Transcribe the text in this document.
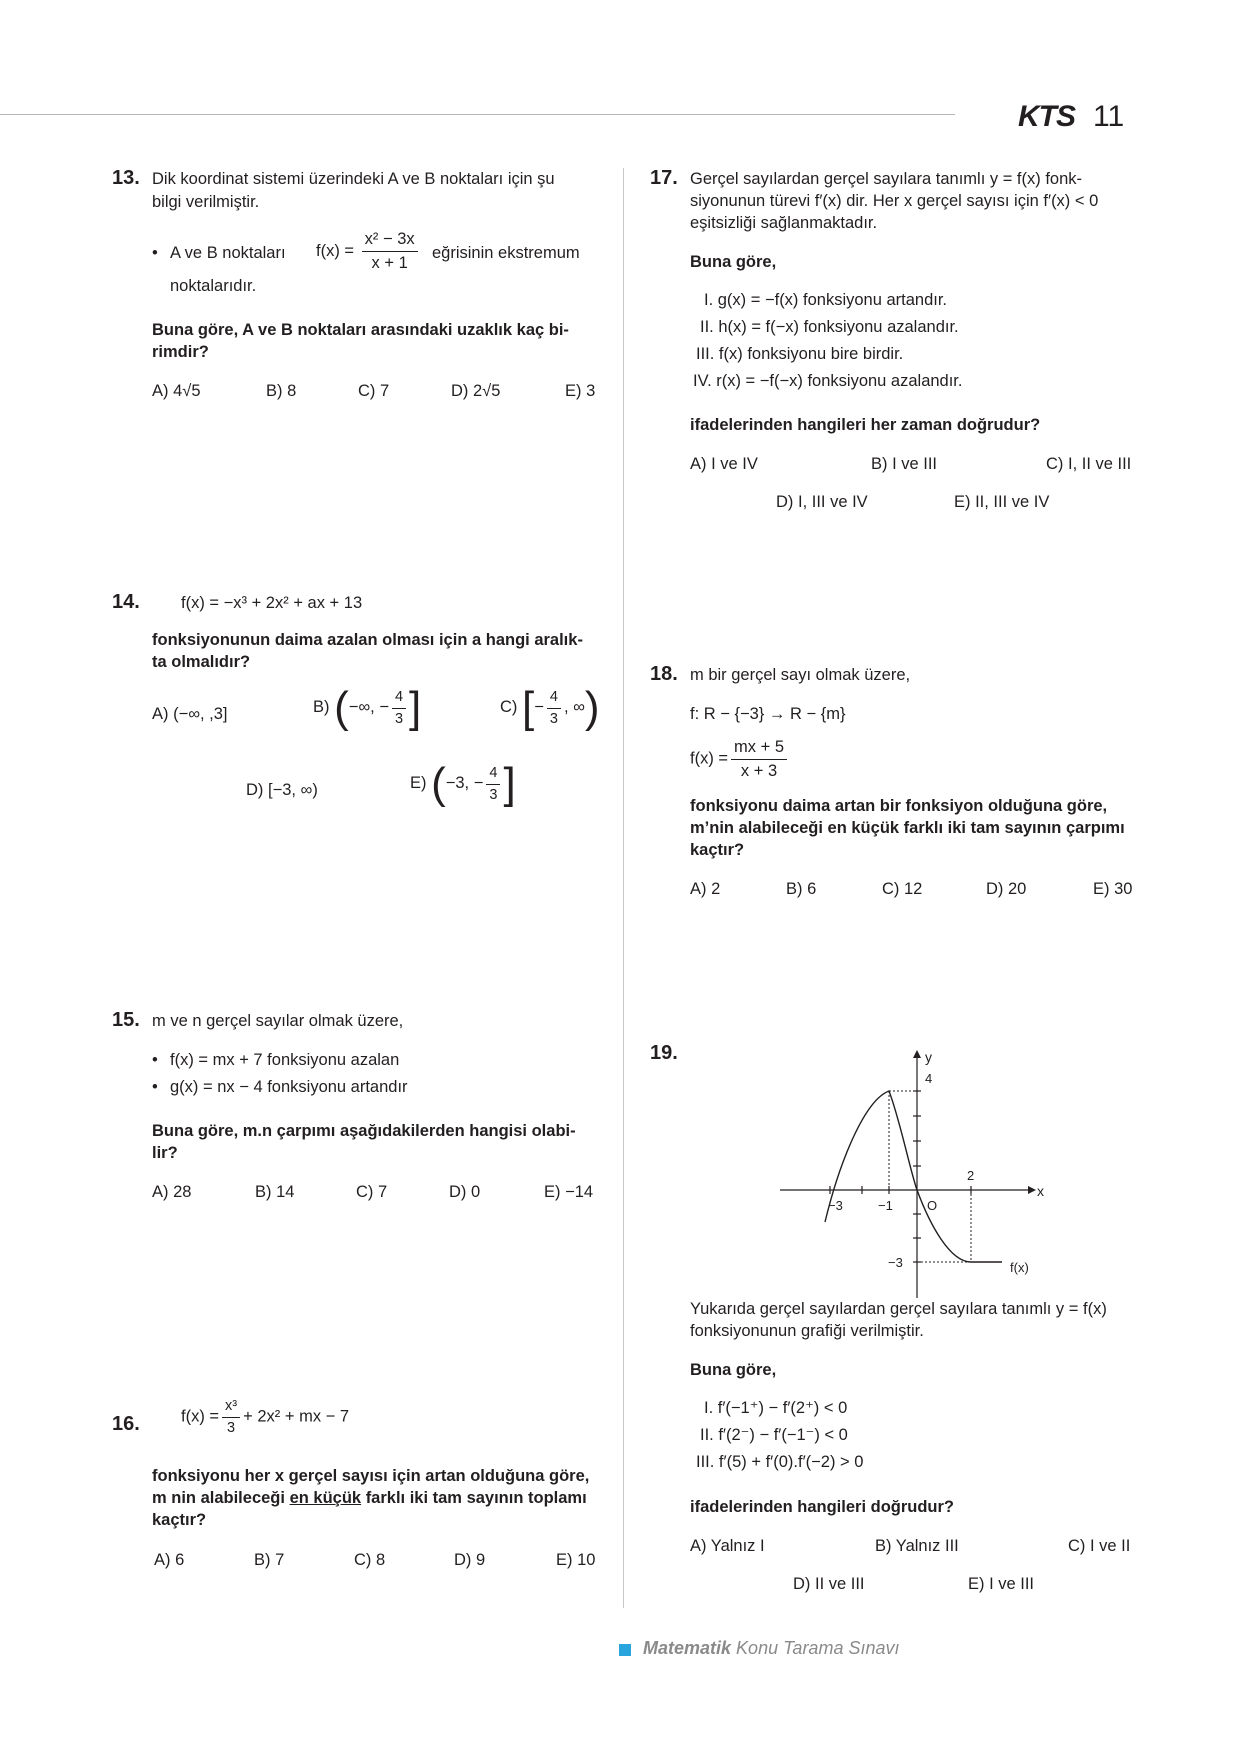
KTS 11
13. Dik koordinat sistemi üzerindeki A ve B noktaları için şu
bilgi verilmiştir.
• A ve B noktaları $f(x) = \frac{\text{x² − 3x}}{x + 1}$ eğrisinin ekstremum
noktalarıdır.
Buna göre, A ve B noktaları arasındaki uzaklık kaç bi-
rimdir?
A) 4√5	B) 8	C) 7	D) 2√5	E) 3
14. f(x) = −x³ + 2x² + ax + 13
fonksiyonunun daima azalan olması için a hangi aralık-
ta olmalıdır?
A) (−∞, ,3]	B) (−∞, − $\frac{4}{3}$ ]	C) [− $\frac{4}{3}$ , ∞)
D) [−3, ∞)	E) (−3, − $\frac{4}{3}$ ]
15. m ve n gerçel sayılar olmak üzere,
• f(x) = mx + 7 fonksiyonu azalan
• g(x) = nx − 4 fonksiyonu artandır
Buna göre, m.n çarpımı aşağıdakilerden hangisi olabi-
lir?
A) 28	B) 14	C) 7	D) 0	E) −14
16. $f(x) = \frac{\text{x³}}{3} + 2x^2$ + mx − 7
fonksiyonu her x gerçel sayısı için artan olduğuna göre,
m nin alabileceği en küçük farklı iki tam sayının toplamı
kaçtır?
A) 6	B) 7	C) 8	D) 9	E) 10
17. Gerçel sayılardan gerçel sayılara tanımlı y = f(x) fonk-
siyonunun türevi f′(x) dir. Her x gerçel sayısı için f′(x) < 0
eşitsizliği sağlanmaktadır.
Buna göre,
I. g(x) = −f(x) fonksiyonu artandır.
II. h(x) = f(−x) fonksiyonu azalandır.
III. f(x) fonksiyonu bire birdir.
IV. r(x) = −f(−x) fonksiyonu azalandır.
ifadelerinden hangileri her zaman doğrudur?
A) I ve IV	B) I ve III	C) I, II ve III
D) I, III ve IV	E) II, III ve IV
18. m bir gerçel sayı olmak üzere,
f: R − {−3} → R − {m}
$f(x) = \frac{mx + 5}{x + 3}$
fonksiyonu daima artan bir fonksiyon olduğuna göre,
m’nin alabileceği en küçük farklı iki tam sayının çarpımı
kaçtır?
A) 2	B) 6	C) 12	D) 20	E) 30
19.	y
4
x
2
−3	−1	O
−3	f(x)
Yukarıda gerçel sayılardan gerçel sayılara tanımlı y = f(x)
fonksiyonunun grafiği verilmiştir.
Buna göre,
I. f′(−1⁺) − f′(2⁺) < 0
II. f′(2⁻) − f′(−1⁻) < 0
III. f′(5) + f′(0).f′(−2) > 0
ifadelerinden hangileri doğrudur?
A) Yalnız I	B) Yalnız III	C) I ve II
D) II ve III	E) I ve III
Matematik Konu Tarama Sınavı
